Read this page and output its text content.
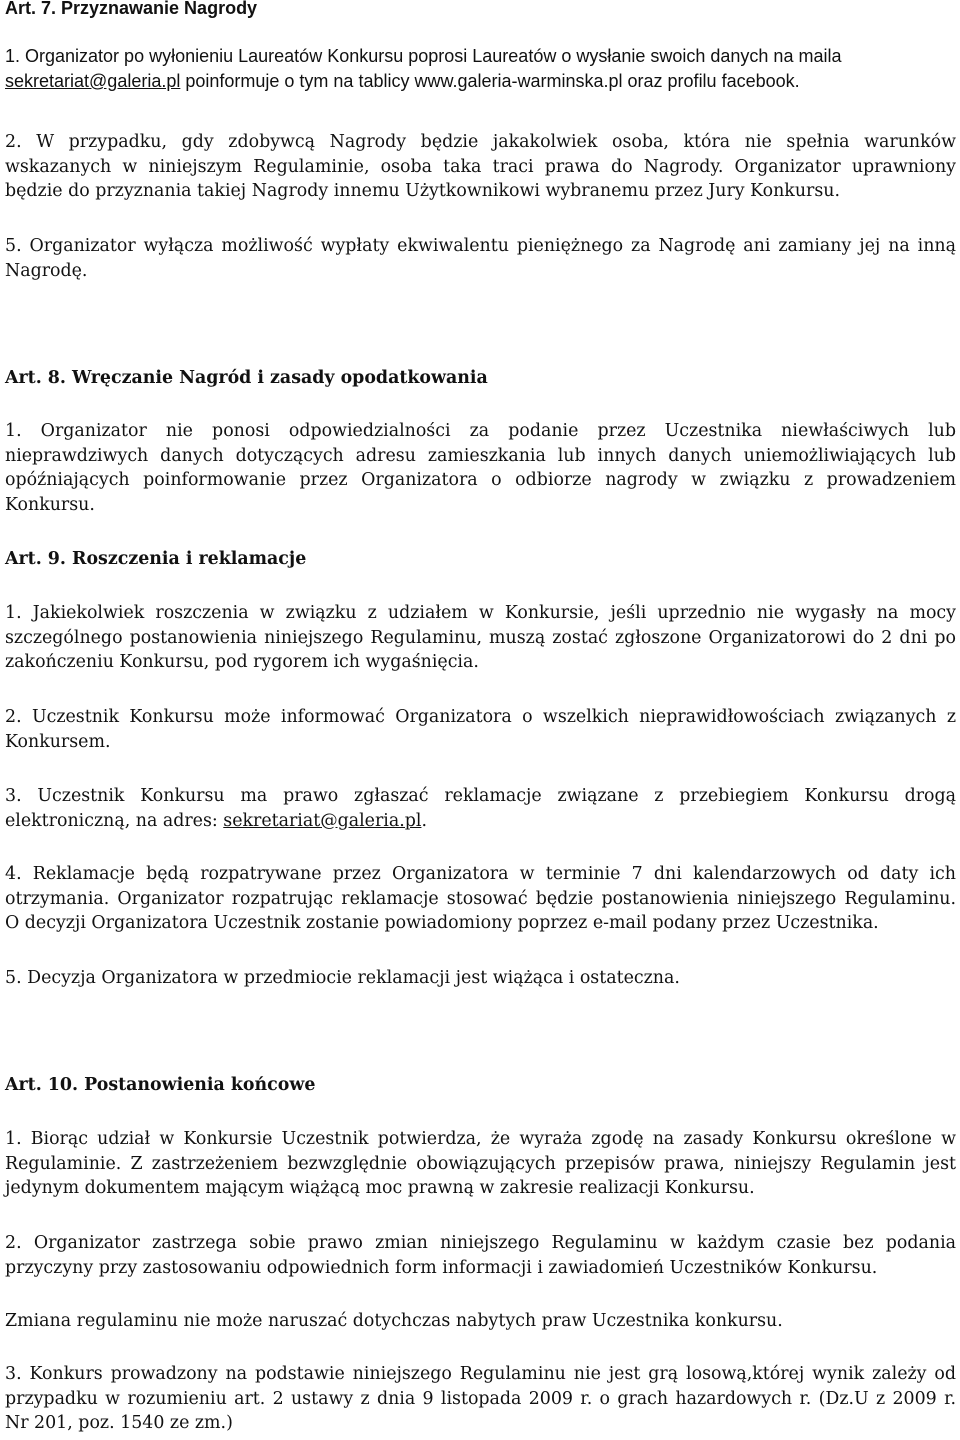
Art. 7. Przyznawanie Nagrody
1. Organizator po wyłonieniu Laureatów Konkursu poprosi Laureatów o wysłanie swoich danych na maila
sekretariat@galeria.pl poinformuje o tym na tablicy www.galeria-warminska.pl oraz profilu facebook.
2. W przypadku, gdy zdobywcą Nagrody będzie jakakolwiek osoba, która nie spełnia warunków
wskazanych w niniejszym Regulaminie, osoba taka traci prawa do Nagrody. Organizator uprawniony
będzie do przyznania takiej Nagrody innemu Użytkownikowi wybranemu przez Jury Konkursu.
5. Organizator wyłącza możliwość wypłaty ekwiwalentu pieniężnego za Nagrodę ani zamiany jej na inną
Nagrodę.
Art. 8. Wręczanie Nagród i zasady opodatkowania
1. Organizator nie ponosi odpowiedzialności za podanie przez Uczestnika niewłaściwych lub
nieprawdziwych danych dotyczących adresu zamieszkania lub innych danych uniemożliwiających lub
opóźniających poinformowanie przez Organizatora o odbiorze nagrody w związku z prowadzeniem
Konkursu.
Art. 9. Roszczenia i reklamacje
1. Jakiekolwiek roszczenia w związku z udziałem w Konkursie, jeśli uprzednio nie wygasły na mocy
szczególnego postanowienia niniejszego Regulaminu, muszą zostać zgłoszone Organizatorowi do 2 dni po
zakończeniu Konkursu, pod rygorem ich wygaśnięcia.
2. Uczestnik Konkursu może informować Organizatora o wszelkich nieprawidłowościach związanych z
Konkursem.
3. Uczestnik Konkursu ma prawo zgłaszać reklamacje związane z przebiegiem Konkursu drogą
elektroniczną, na adres: sekretariat@galeria.pl.
4. Reklamacje będą rozpatrywane przez Organizatora w terminie 7 dni kalendarzowych od daty ich
otrzymania. Organizator rozpatrując reklamacje stosować będzie postanowienia niniejszego Regulaminu.
O decyzji Organizatora Uczestnik zostanie powiadomiony poprzez e-mail podany przez Uczestnika.
5. Decyzja Organizatora w przedmiocie reklamacji jest wiążąca i ostateczna.
Art. 10. Postanowienia końcowe
1. Biorąc udział w Konkursie Uczestnik potwierdza, że wyraża zgodę na zasady Konkursu określone w
Regulaminie. Z zastrzeżeniem bezwzględnie obowiązujących przepisów prawa, niniejszy Regulamin jest
jedynym dokumentem mającym wiążącą moc prawną w zakresie realizacji Konkursu.
2. Organizator zastrzega sobie prawo zmian niniejszego Regulaminu w każdym czasie bez podania
przyczyny przy zastosowaniu odpowiednich form informacji i zawiadomień Uczestników Konkursu.
Zmiana regulaminu nie może naruszać dotychczas nabytych praw Uczestnika konkursu.
3. Konkurs prowadzony na podstawie niniejszego Regulaminu nie jest grą losową,której wynik zależy od
przypadku w rozumieniu art. 2 ustawy z dnia 9 listopada 2009 r. o grach hazardowych r. (Dz.U z 2009 r.
Nr 201, poz. 1540 ze zm.)
